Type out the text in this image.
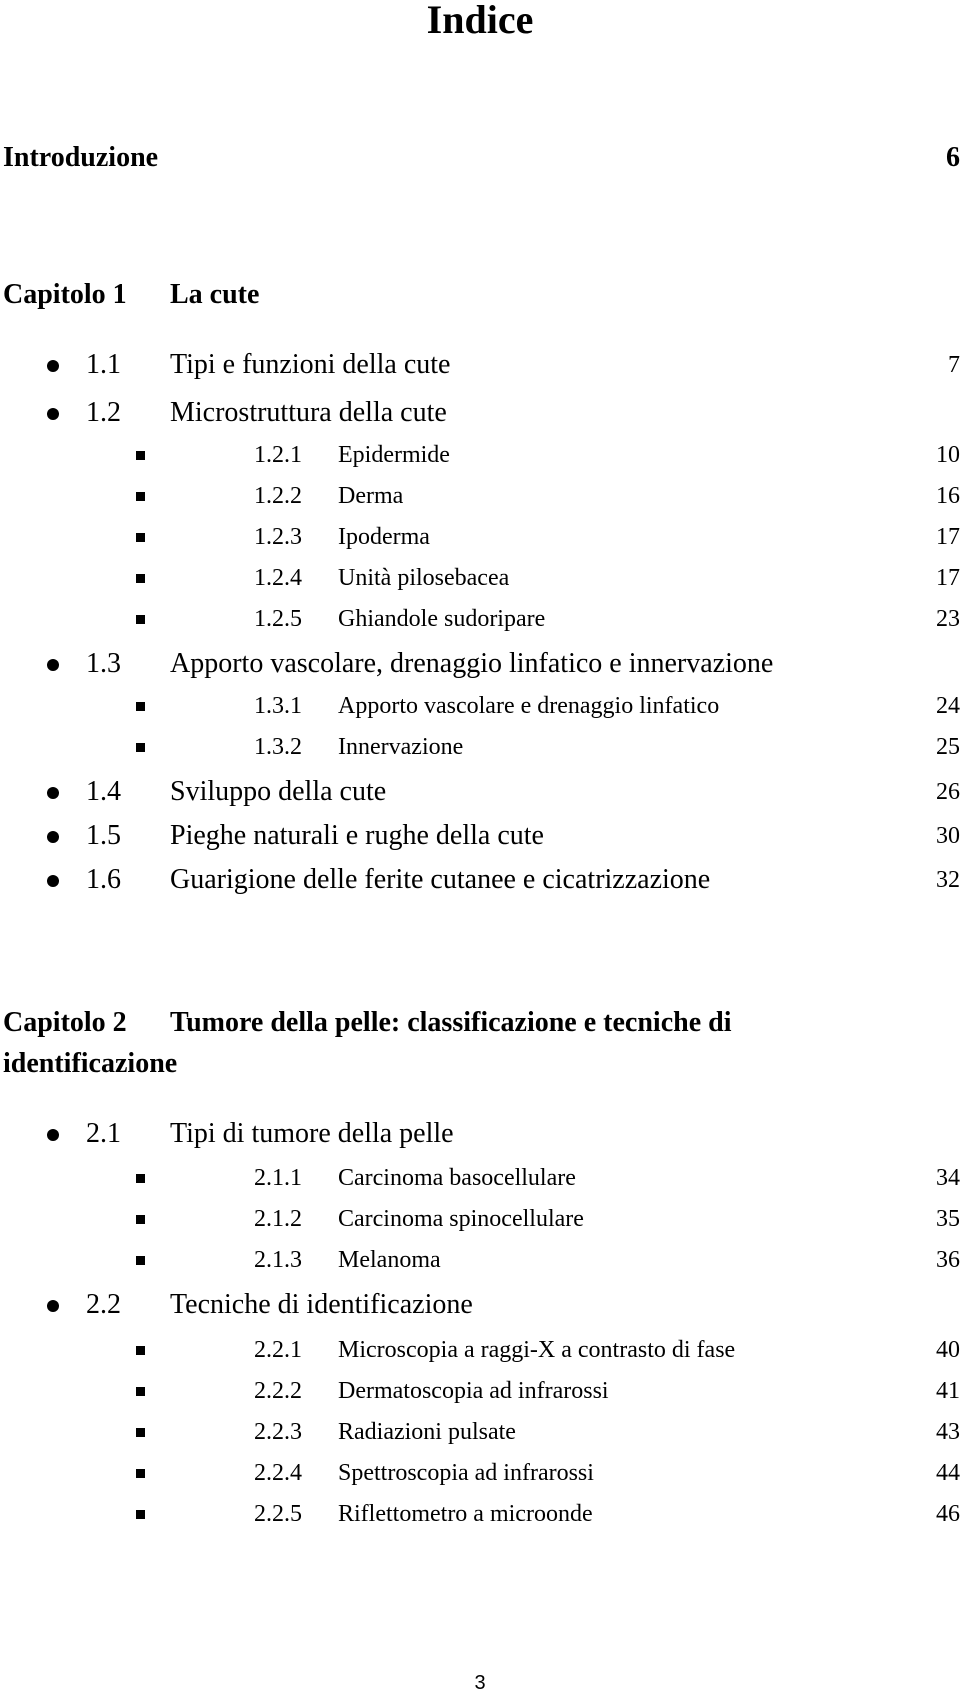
Indice
Introduzione	6
Capitolo 1 La cute
1.1 Tipi e funzioni della cute	7
1.2 Microstruttura della cute
1.2.1 Epidermide	10
1.2.2 Derma	16
1.2.3 Ipoderma	17
1.2.4 Unità pilosebacea	17
1.2.5 Ghiandole sudoripare	23
1.3 Apporto vascolare, drenaggio linfatico e innervazione
1.3.1 Apporto vascolare e drenaggio linfatico	24
1.3.2 Innervazione	25
1.4 Sviluppo della cute	26
1.5 Pieghe naturali e rughe della cute	30
1.6 Guarigione delle ferite cutanee e cicatrizzazione	32
Capitolo 2 Tumore della pelle: classificazione e tecniche di
identificazione
2.1 Tipi di tumore della pelle
2.1.1 Carcinoma basocellulare	34
2.1.2 Carcinoma spinocellulare	35
2.1.3 Melanoma	36
2.2 Tecniche di identificazione
2.2.1 Microscopia a raggi-X a contrasto di fase	40
2.2.2 Dermatoscopia ad infrarossi	41
2.2.3 Radiazioni pulsate	43
2.2.4 Spettroscopia ad infrarossi	44
2.2.5 Riflettometro a microonde	46
3
